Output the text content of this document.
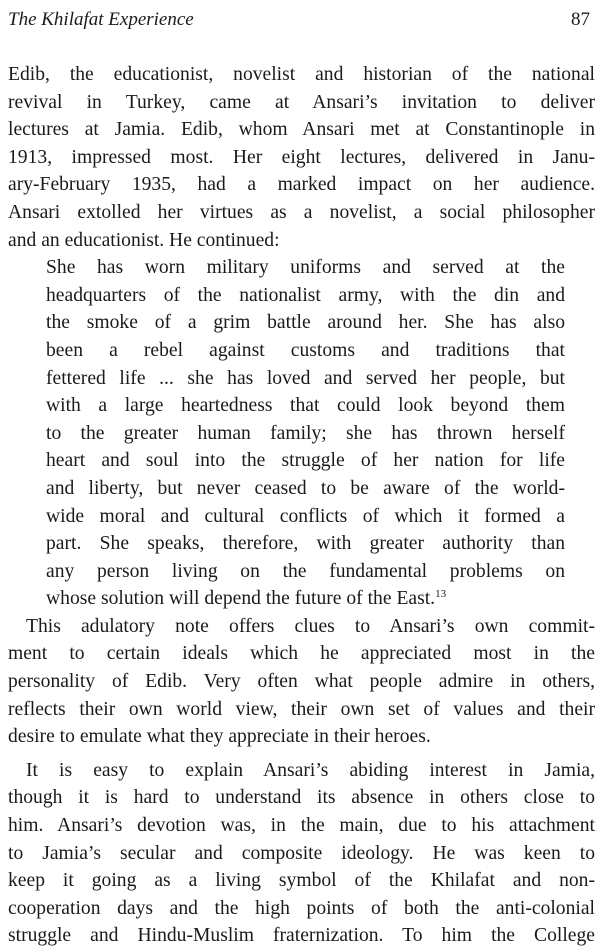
The Khilafat Experience	87
Edib, the educationist, novelist and historian of the national
revival in Turkey, came at Ansari’s invitation to deliver
lectures at Jamia. Edib, whom Ansari met at Constantinople in
1913, impressed most. Her eight lectures, delivered in Janu-
ary-February 1935, had a marked impact on her audience.
Ansari extolled her virtues as a novelist, a social philosopher
and an educationist. He continued:
She has worn military uniforms and served at the
headquarters of the nationalist army, with the din and
the smoke of a grim battle around her. She has also
been a rebel against customs and traditions that
fettered life ... she has loved and served her people, but
with a large heartedness that could look beyond them
to the greater human family; she has thrown herself
heart and soul into the struggle of her nation for life
and liberty, but never ceased to be aware of the world-
wide moral and cultural conflicts of which it formed a
part. She speaks, therefore, with greater authority than
any person living on the fundamental problems on
whose solution will depend the future of the East.$^{13}$
This adulatory note offers clues to Ansari’s own commit-
ment to certain ideals which he appreciated most in the
personality of Edib. Very often what people admire in others,
reflects their own world view, their own set of values and their
desire to emulate what they appreciate in their heroes.
It is easy to explain Ansari’s abiding interest in Jamia,
though it is hard to understand its absence in others close to
him. Ansari’s devotion was, in the main, due to his attachment
to Jamia’s secular and composite ideology. He was keen to
keep it going as a living symbol of the Khilafat and non-
cooperation days and the high points of both the anti-colonial
struggle and Hindu-Muslim fraternization. To him the College
